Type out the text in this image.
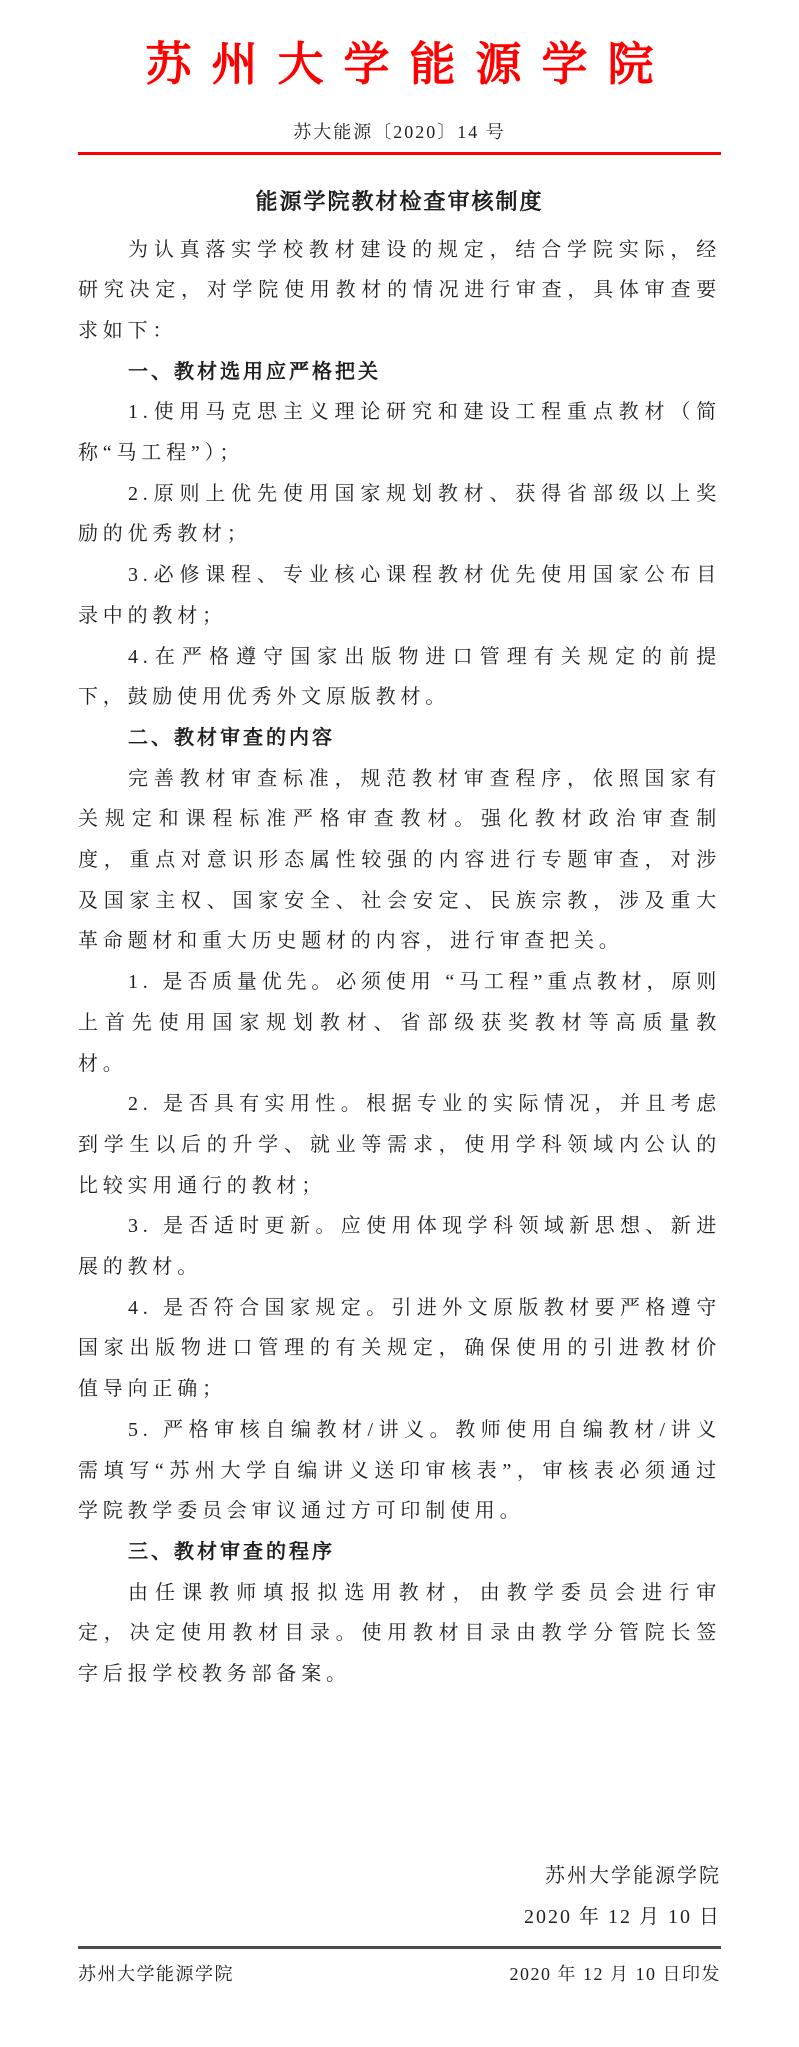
苏州大学能源学院
苏大能源〔2020〕14 号
能源学院教材检查审核制度

为认真落实学校教材建设的规定，结合学院实际，经研究决定，对学院使用教材的情况进行审查，具体审查要求如下：

一、教材选用应严格把关

1.使用马克思主义理论研究和建设工程重点教材（简称“马工程”）；

2.原则上优先使用国家规划教材、获得省部级以上奖励的优秀教材；

3.必修课程、专业核心课程教材优先使用国家公布目录中的教材；

4.在严格遵守国家出版物进口管理有关规定的前提下，鼓励使用优秀外文原版教材。

二、教材审查的内容

完善教材审查标准，规范教材审查程序，依照国家有关规定和课程标准严格审查教材。强化教材政治审查制度，重点对意识形态属性较强的内容进行专题审查，对涉及国家主权、国家安全、社会安定、民族宗教，涉及重大革命题材和重大历史题材的内容，进行审查把关。

1. 是否质量优先。必须使用 “马工程”重点教材，原则上首先使用国家规划教材、省部级获奖教材等高质量教材。

2. 是否具有实用性。根据专业的实际情况，并且考虑到学生以后的升学、就业等需求，使用学科领域内公认的比较实用通行的教材；

3. 是否适时更新。应使用体现学科领域新思想、新进展的教材。

4. 是否符合国家规定。引进外文原版教材要严格遵守国家出版物进口管理的有关规定，确保使用的引进教材价值导向正确；

5. 严格审核自编教材/讲义。教师使用自编教材/讲义需填写“苏州大学自编讲义送印审核表”，审核表必须通过学院教学委员会审议通过方可印制使用。

三、教材审查的程序

由任课教师填报拟选用教材，由教学委员会进行审定，决定使用教材目录。使用教材目录由教学分管院长签字后报学校教务部备案。

苏州大学能源学院
2020 年 12 月 10 日
苏州大学能源学院	2020 年 12 月 10 日印发
